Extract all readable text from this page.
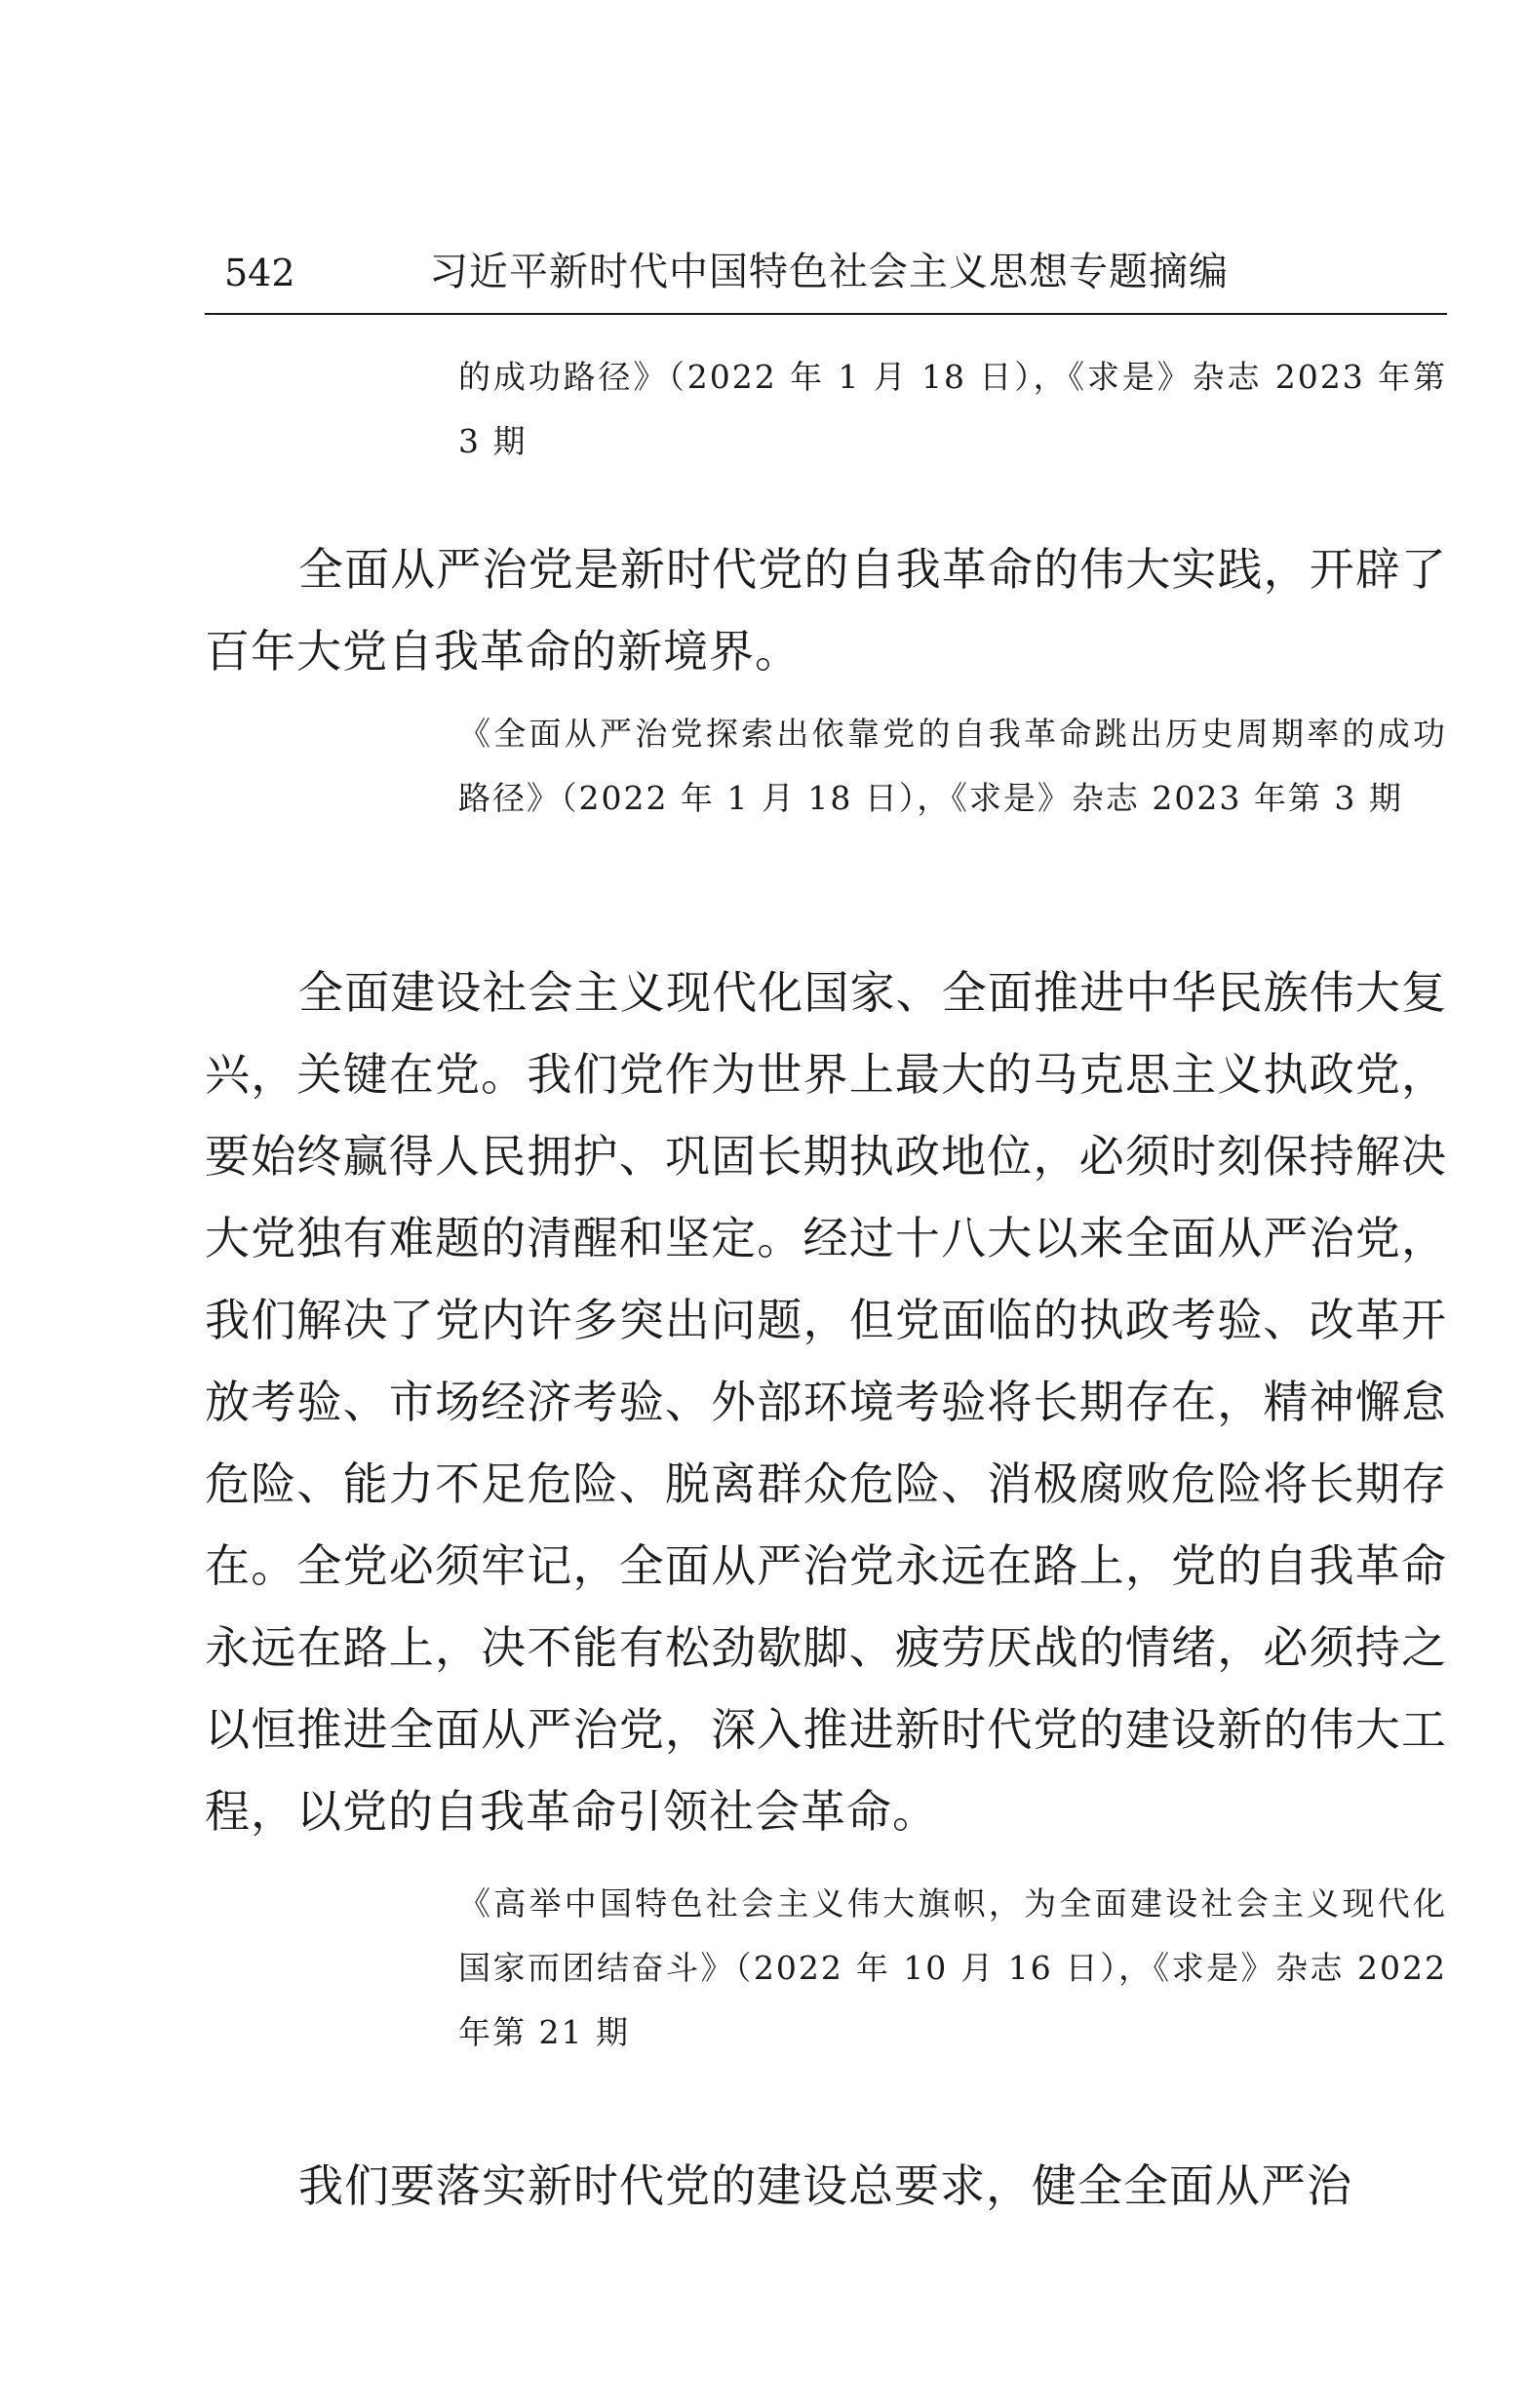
542	习近平新时代中国特色社会主义思想专题摘编

的成功路径》（2022 年 1 月 18 日），《求是》杂志 2023 年第 3 期

全面从严治党是新时代党的自我革命的伟大实践，开辟了百年大党自我革命的新境界。

《全面从严治党探索出依靠党的自我革命跳出历史周期率的成功路径》（2022 年 1 月 18 日），《求是》杂志 2023 年第 3 期

全面建设社会主义现代化国家、全面推进中华民族伟大复兴，关键在党。我们党作为世界上最大的马克思主义执政党，要始终赢得人民拥护、巩固长期执政地位，必须时刻保持解决大党独有难题的清醒和坚定。经过十八大以来全面从严治党，我们解决了党内许多突出问题，但党面临的执政考验、改革开放考验、市场经济考验、外部环境考验将长期存在，精神懈怠危险、能力不足危险、脱离群众危险、消极腐败危险将长期存在。全党必须牢记，全面从严治党永远在路上，党的自我革命永远在路上，决不能有松劲歇脚、疲劳厌战的情绪，必须持之以恒推进全面从严治党，深入推进新时代党的建设新的伟大工程，以党的自我革命引领社会革命。

《高举中国特色社会主义伟大旗帜，为全面建设社会主义现代化国家而团结奋斗》（2022 年 10 月 16 日），《求是》杂志 2022 年第 21 期

我们要落实新时代党的建设总要求，健全全面从严治
